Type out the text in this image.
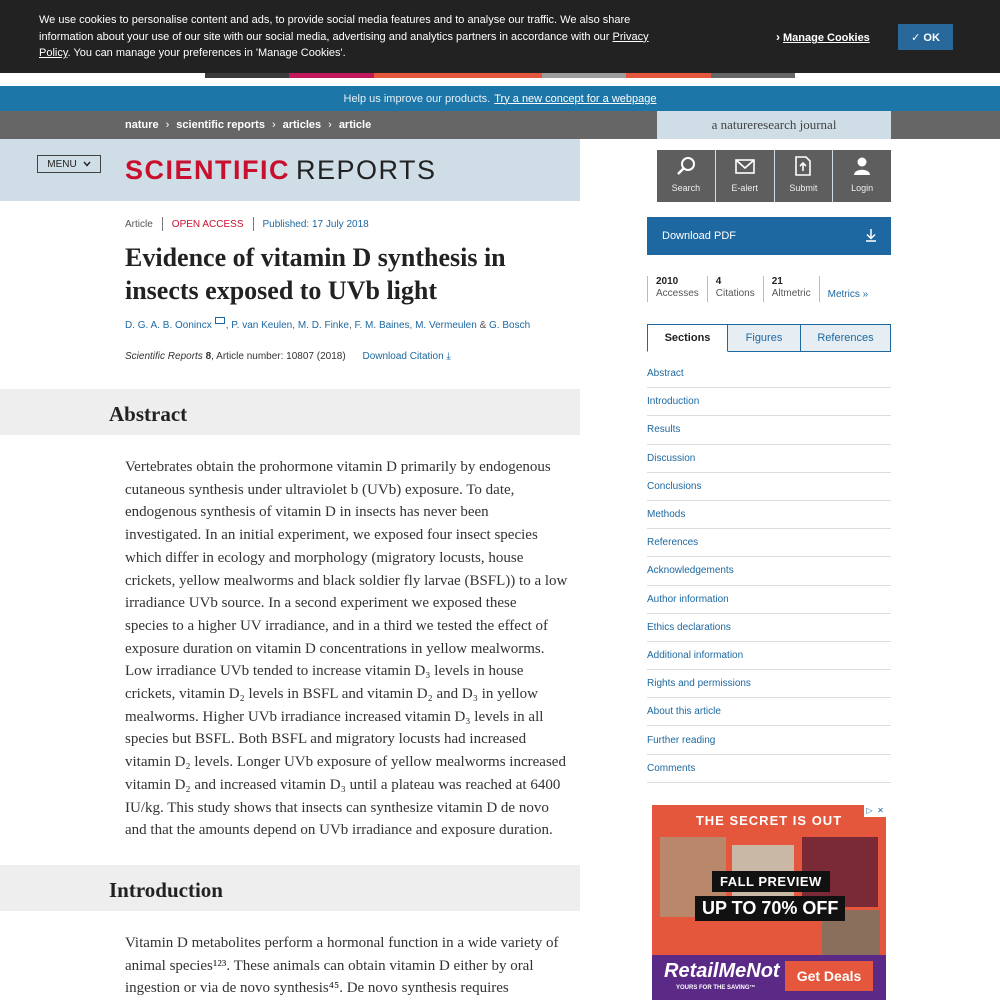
We use cookies to personalise content and ads, to provide social media features and to analyse our traffic. We also share information about your use of our site with our social media, advertising and analytics partners in accordance with our Privacy Policy. You can manage your preferences in 'Manage Cookies'.
› Manage Cookies	✓ OK
Help us improve our products. Try a new concept for a webpage
nature › scientific reports › articles › article	a natureresearch journal
MENU SCIENTIFIC REPORTS
Search	E-alert	Submit	Login
Article OPEN ACCESS Published: 17 July 2018
Evidence of vitamin D synthesis in insects exposed to UVb light
D. G. A. B. Oonincx , P. van Keulen, M. D. Finke, F. M. Baines, M. Vermeulen & G. Bosch
Scientific Reports 8, Article number: 10807 (2018) Download Citation ⤓
Abstract
Vertebrates obtain the prohormone vitamin D primarily by endogenous
cutaneous synthesis under ultraviolet b (UVb) exposure. To date,
endogenous synthesis of vitamin D in insects has never been
investigated. In an initial experiment, we exposed four insect species
which differ in ecology and morphology (migratory locusts, house
crickets, yellow mealworms and black soldier fly larvae (BSFL)) to a low
irradiance UVb source. In a second experiment we exposed these
species to a higher UV irradiance, and in a third we tested the effect of
exposure duration on vitamin D concentrations in yellow mealworms.
Low irradiance UVb tended to increase vitamin D₃ levels in house
crickets, vitamin D₂ levels in BSFL and vitamin D₂ and D₃ in yellow
mealworms. Higher UVb irradiance increased vitamin D₃ levels in all
species but BSFL. Both BSFL and migratory locusts had increased
vitamin D₂ levels. Longer UVb exposure of yellow mealworms increased
vitamin D₂ and increased vitamin D₃ until a plateau was reached at 6400
IU/kg. This study shows that insects can synthesize vitamin D de novo
and that the amounts depend on UVb irradiance and exposure duration.
Introduction
Vitamin D metabolites perform a hormonal function in a wide variety of
animal species¹²³. These animals can obtain vitamin D either by oral
ingestion or via de novo synthesis⁴⁵. De novo synthesis requires
Download PDF
2010
Accesses
4
Citations
21
Altmetric	Metrics »
Sections	Figures	References
Abstract
Introduction
Results
Discussion
Conclusions
Methods
References
Acknowledgements
Author information
Ethics declarations
Additional information
Rights and permissions
About this article
Further reading
Comments
▷ ✕
THE SECRET IS OUT
FALL PREVIEW
UP TO 70% OFF
RetailMeNot
YOURS FOR THE SAVING™
Get Deals
